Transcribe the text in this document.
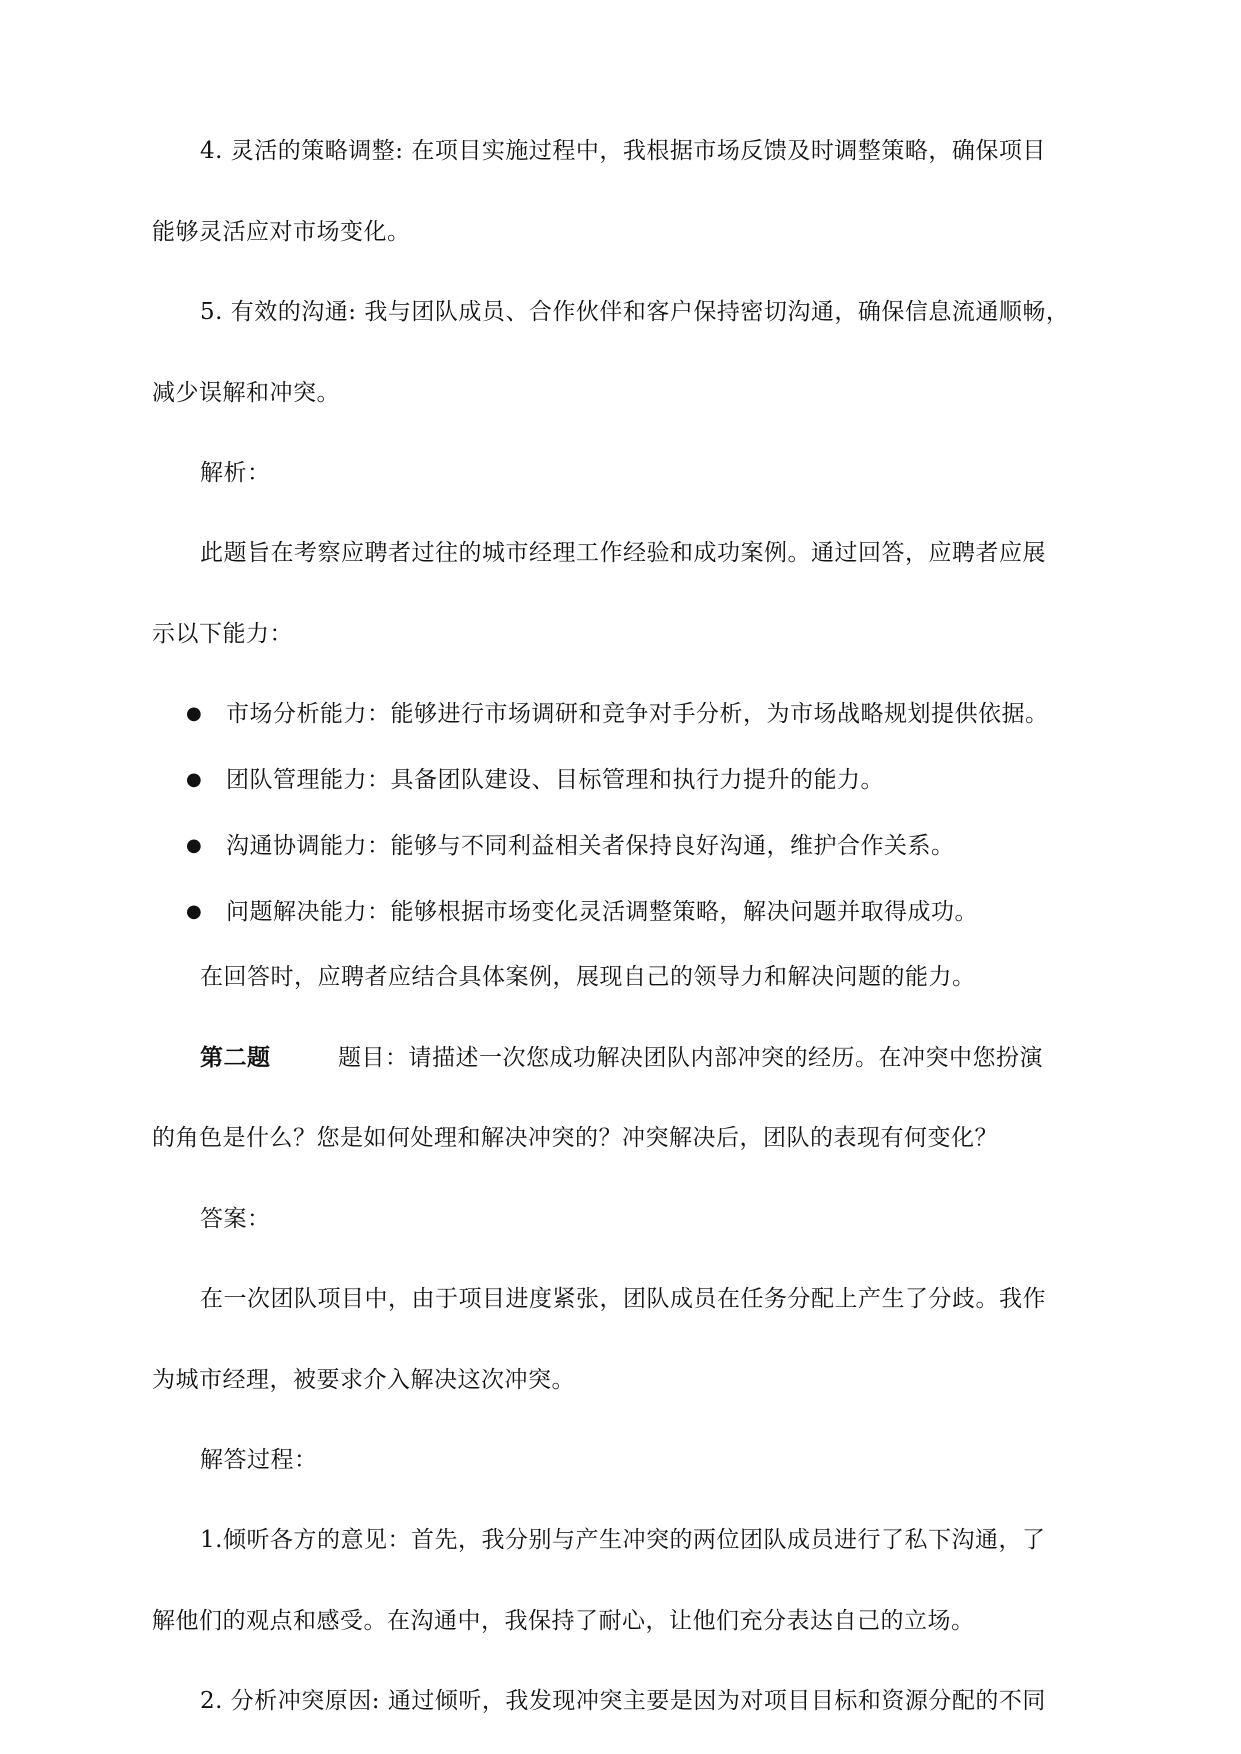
4. 灵活的策略调整: 在项目实施过程中，我根据市场反馈及时调整策略，确保项目
能够灵活应对市场变化。
5. 有效的沟通: 我与团队成员、合作伙伴和客户保持密切沟通，确保信息流通顺畅，
减少误解和冲突。
解析：
此题旨在考察应聘者过往的城市经理工作经验和成功案例。通过回答，应聘者应展
示以下能力：
● 市场分析能力：能够进行市场调研和竞争对手分析，为市场战略规划提供依据。
● 团队管理能力：具备团队建设、目标管理和执行力提升的能力。
● 沟通协调能力：能够与不同利益相关者保持良好沟通，维护合作关系。
● 问题解决能力：能够根据市场变化灵活调整策略，解决问题并取得成功。
在回答时，应聘者应结合具体案例，展现自己的领导力和解决问题的能力。
第二题	题目：请描述一次您成功解决团队内部冲突的经历。在冲突中您扮演
的角色是什么？您是如何处理和解决冲突的？冲突解决后，团队的表现有何变化？
答案：
在一次团队项目中，由于项目进度紧张，团队成员在任务分配上产生了分歧。我作
为城市经理，被要求介入解决这次冲突。
解答过程：
1.倾听各方的意见：首先，我分别与产生冲突的两位团队成员进行了私下沟通，了
解他们的观点和感受。在沟通中，我保持了耐心，让他们充分表达自己的立场。
2. 分析冲突原因: 通过倾听，我发现冲突主要是因为对项目目标和资源分配的不同
